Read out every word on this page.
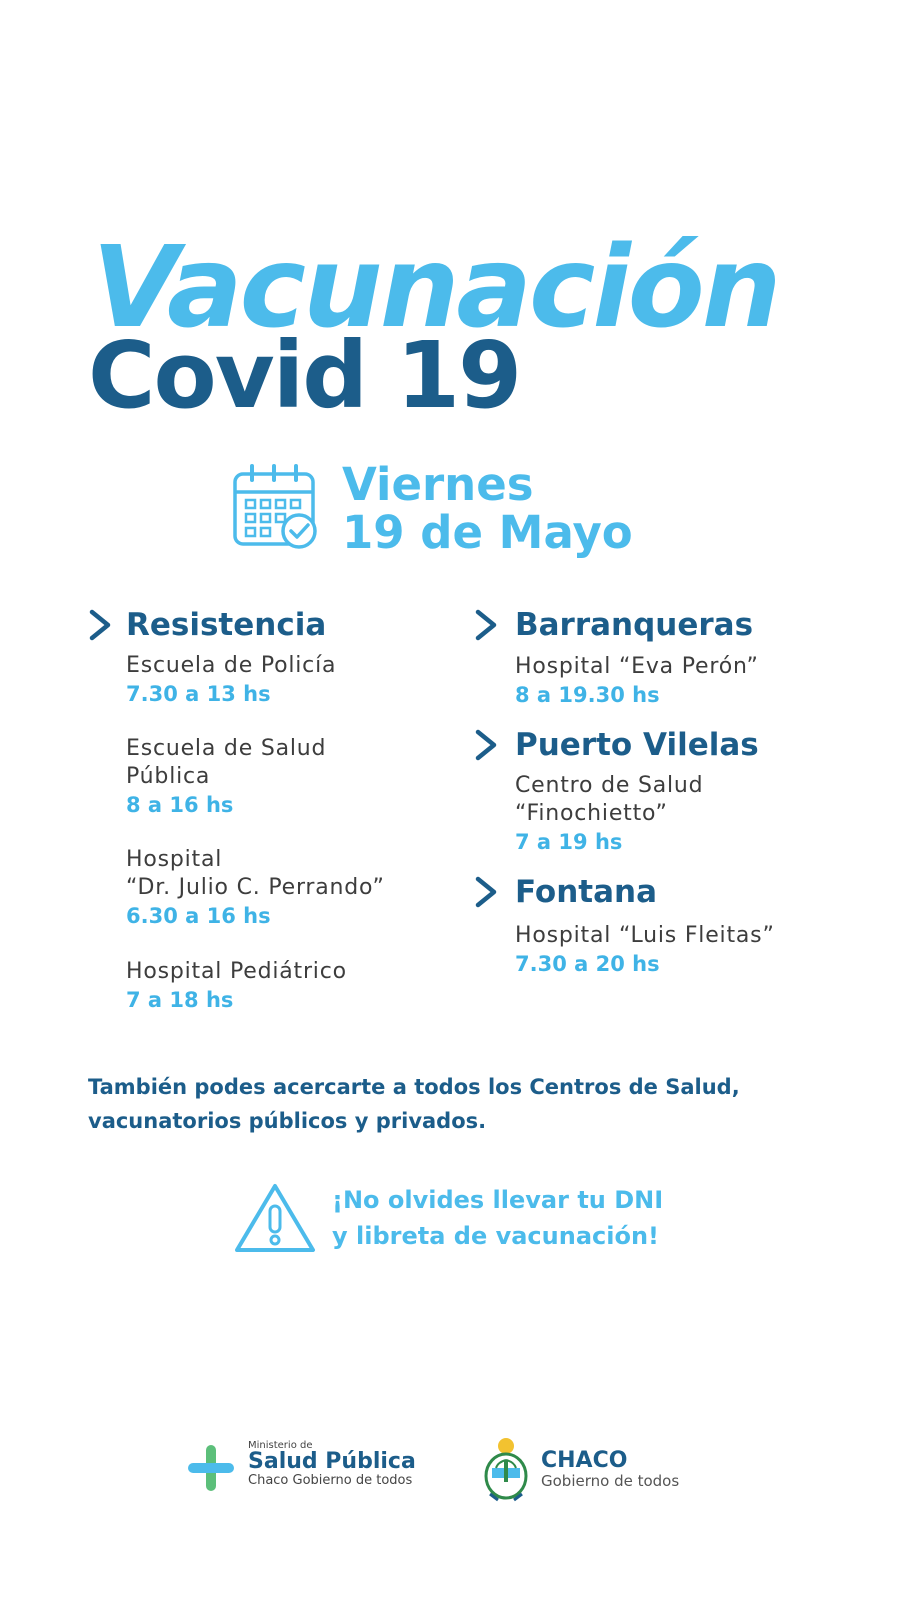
Vacunación
Covid 19
Viernes
19 de Mayo
Resistencia
Escuela de Policía
7.30 a 13 hs
Escuela de Salud
Pública
8 a 16 hs
Hospital
“Dr. Julio C. Perrando”
6.30 a 16 hs
Hospital Pediátrico
7 a 18 hs
Barranqueras
Hospital “Eva Perón”
8 a 19.30 hs
Puerto Vilelas
Centro de Salud
“Finochietto”
7 a 19 hs
Fontana
Hospital “Luis Fleitas”
7.30 a 20 hs
También podes acercarte a todos los Centros de Salud,
vacunatorios públicos y privados.
¡No olvides llevar tu DNI
y libreta de vacunación!
Ministerio de
Salud Pública
Chaco Gobierno de todos
CHACO
Gobierno de todos
